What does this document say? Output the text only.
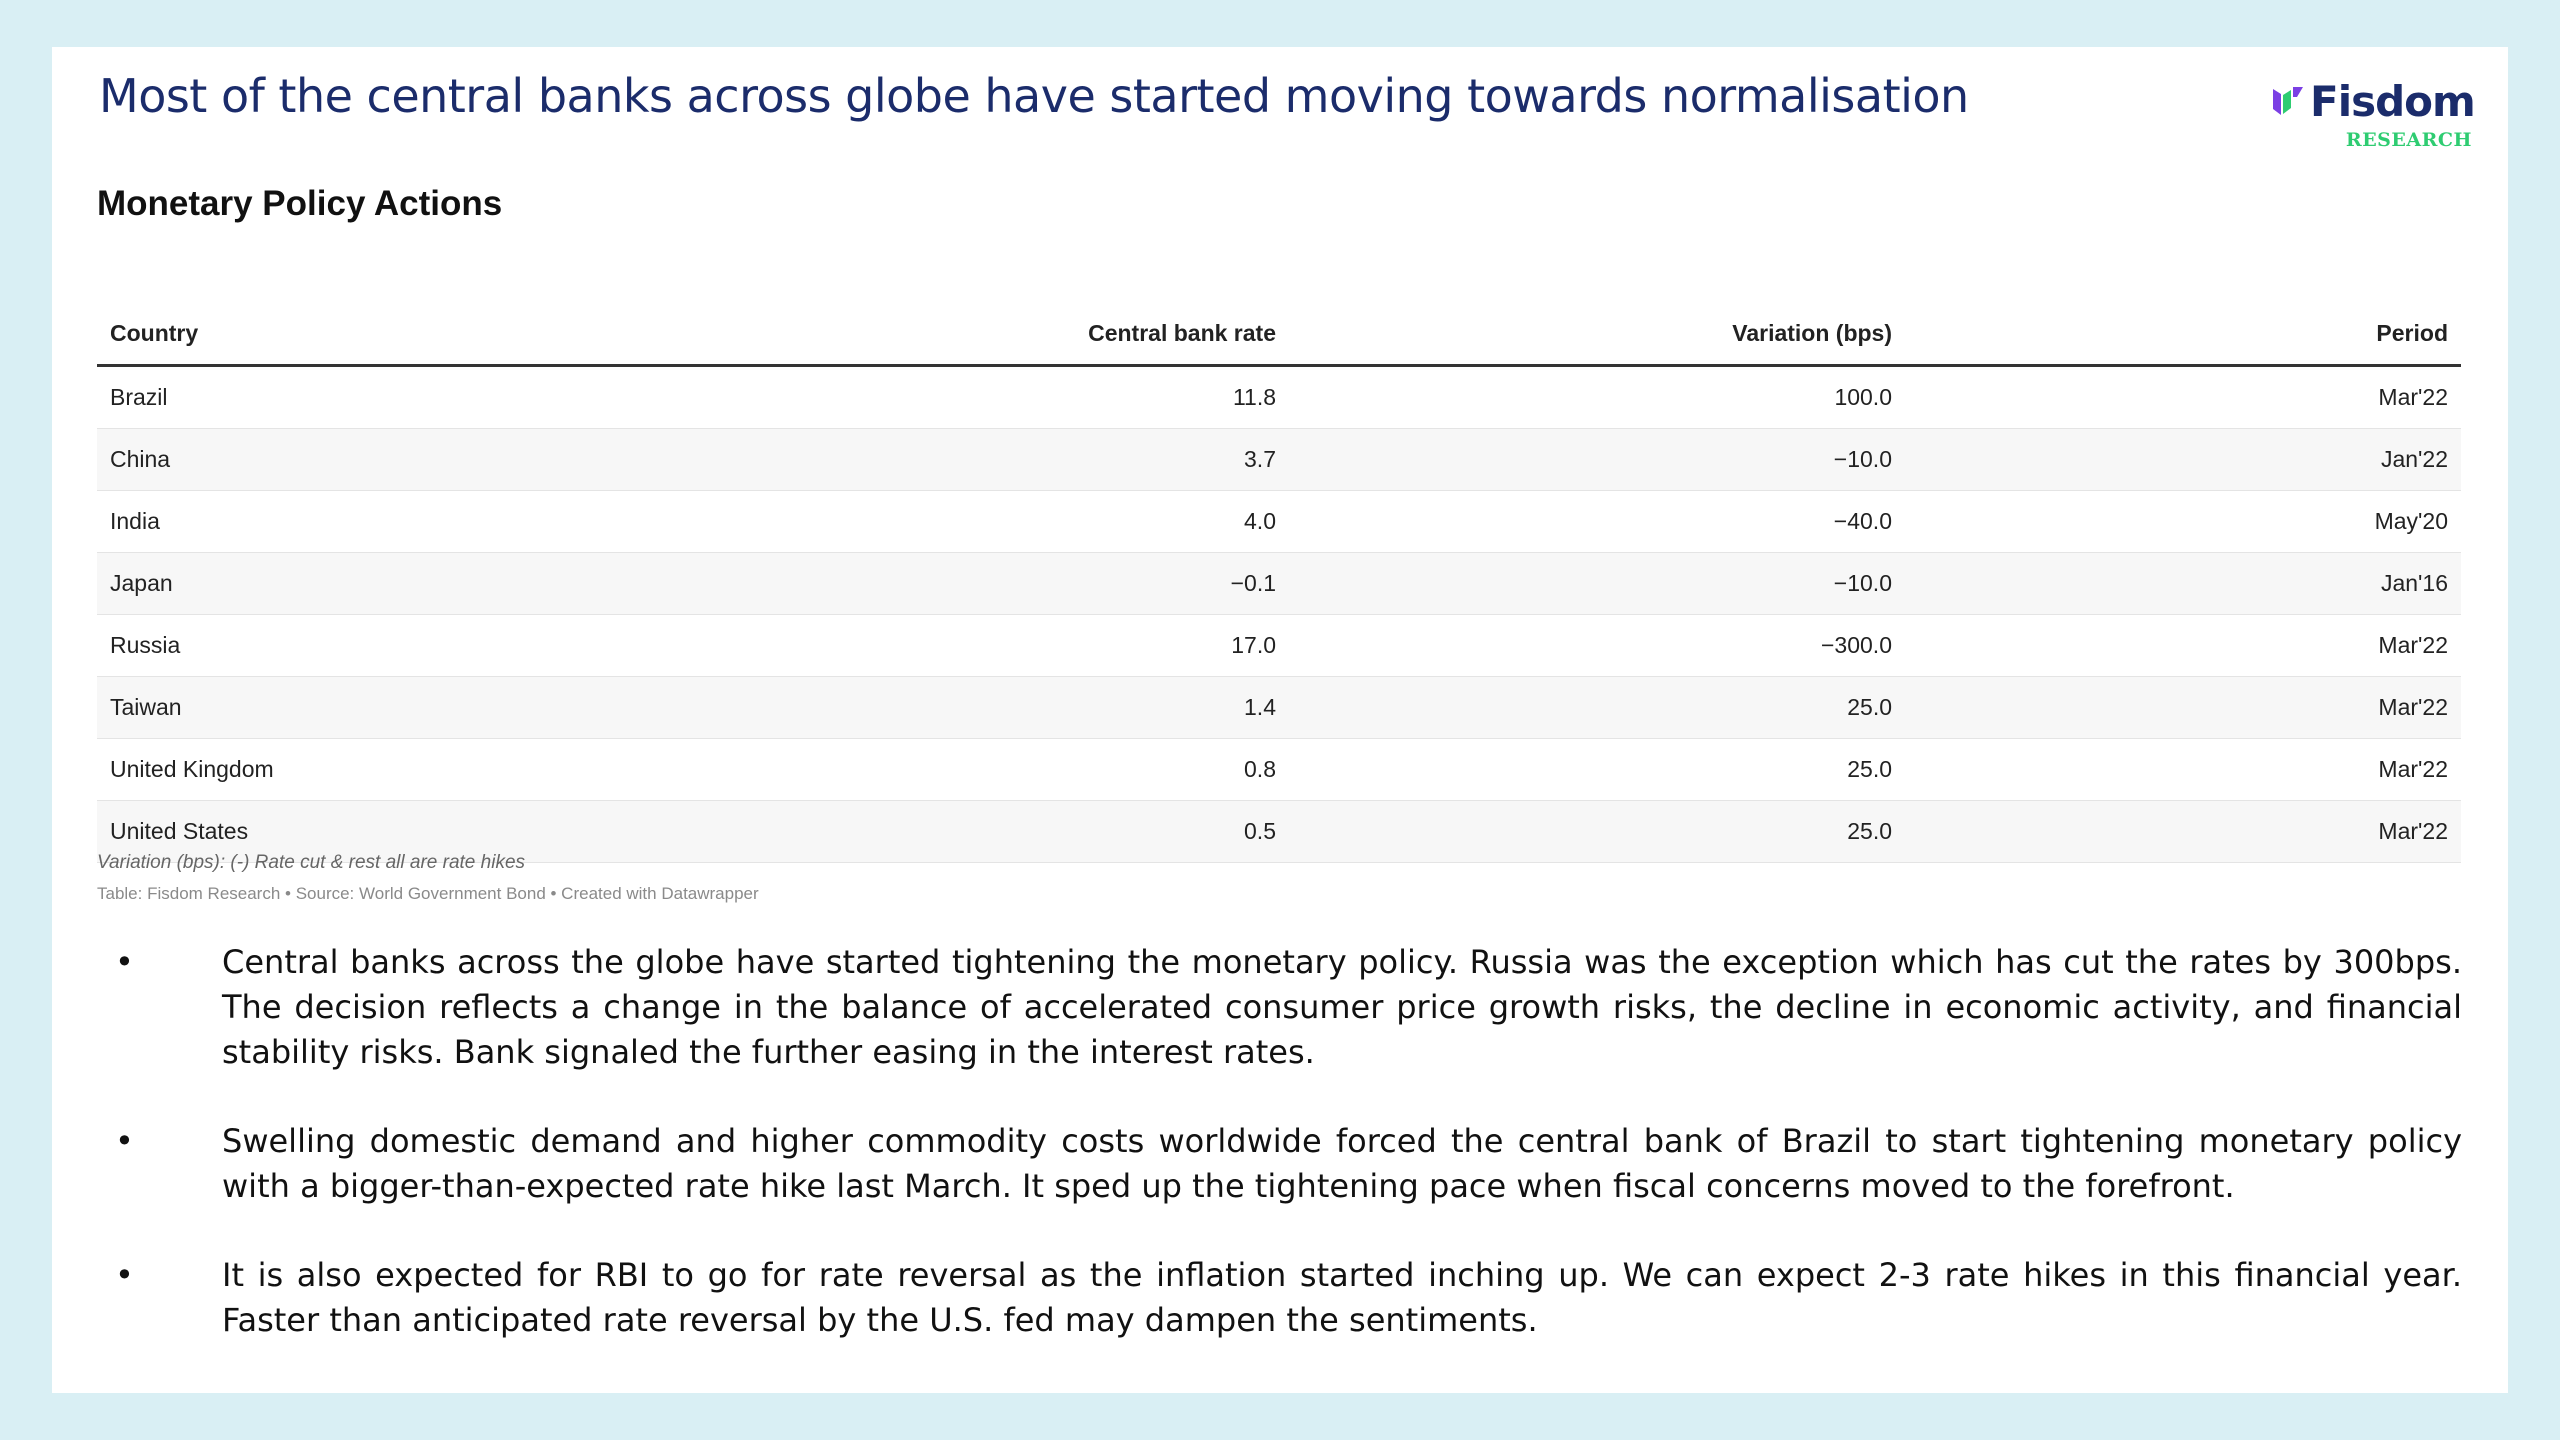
Most of the central banks across globe have started moving towards normalisation	Fisdom
RESEARCH
Monetary Policy Actions
Country	Central bank rate	Variation (bps)	Period
Brazil	11.8	100.0	Mar'22
China	3.7	−10.0	Jan'22
India	4.0	−40.0	May'20
Japan	−0.1	−10.0	Jan'16
Russia	17.0	−300.0	Mar'22
Taiwan	1.4	25.0	Mar'22
United Kingdom	0.8	25.0	Mar'22
United States	0.5	25.0	Mar'22
Variation (bps): (-) Rate cut & rest all are rate hikes
Table: Fisdom Research • Source: World Government Bond • Created with Datawrapper
•	Central banks across the globe have started tightening the monetary policy. Russia was the exception which has cut the rates by 300bps. The decision reflects a change in the balance of accelerated consumer price growth risks, the decline in economic activity, and financial stability risks. Bank signaled the further easing in the interest rates.
•	Swelling domestic demand and higher commodity costs worldwide forced the central bank of Brazil to start tightening monetary policy with a bigger-than-expected rate hike last March. It sped up the tightening pace when fiscal concerns moved to the forefront.
•	It is also expected for RBI to go for rate reversal as the inflation started inching up. We can expect 2-3 rate hikes in this financial year. Faster than anticipated rate reversal by the U.S. fed may dampen the sentiments.
